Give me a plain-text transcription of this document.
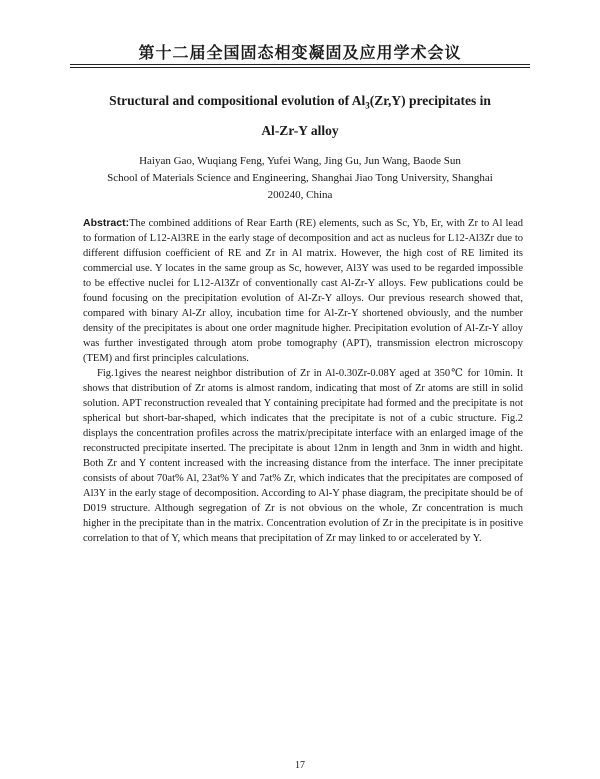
第十二届全国固态相变凝固及应用学术会议
Structural and compositional evolution of $Al_3(Zr,Y)$ precipitates in
Al-Zr-Y alloy
Haiyan Gao, Wuqiang Feng, Yufei Wang, Jing Gu, Jun Wang, Baode Sun
School of Materials Science and Engineering, Shanghai Jiao Tong University, Shanghai
200240, China

Abstract:The combined additions of Rear Earth (RE) elements, such as Sc, Yb, Er, with Zr to Al lead to formation of L12-Al3RE in the early stage of decomposition and act as nucleus for L12-Al3Zr due to different diffusion coefficient of RE and Zr in Al matrix. However, the high cost of RE limited its commercial use. Y locates in the same group as Sc, however, Al3Y was used to be regarded impossible to be effective nuclei for L12-Al3Zr of conventionally cast Al-Zr-Y alloys. Few publications could be found focusing on the precipitation evolution of Al-Zr-Y alloys. Our previous research showed that, compared with binary Al-Zr alloy, incubation time for Al-Zr-Y shortened obviously, and the number density of the precipitates is about one order magnitude higher. Precipitation evolution of Al-Zr-Y alloy was further investigated through atom probe tomography (APT), transmission electron microscopy (TEM) and first principles calculations.

Fig.1gives the nearest neighbor distribution of Zr in Al-0.30Zr-0.08Y aged at 350℃ for 10min. It shows that distribution of Zr atoms is almost random, indicating that most of Zr atoms are still in solid solution. APT reconstruction revealed that Y containing precipitate had formed and the precipitate is not spherical but short-bar-shaped, which indicates that the precipitate is not of a cubic structure. Fig.2 displays the concentration profiles across the matrix/precipitate interface with an enlarged image of the reconstructed precipitate inserted. The precipitate is about 12nm in length and 3nm in width and hight. Both Zr and Y content increased with the increasing distance from the interface. The inner precipitate consists of about 70at% Al, 23at% Y and 7at% Zr, which indicates that the precipitates are composed of Al3Y in the early stage of decomposition. According to Al-Y phase diagram, the precipitate should be of D019 structure. Although segregation of Zr is not obvious on the whole, Zr concentration is much higher in the precipitate than in the matrix. Concentration evolution of Zr in the precipitate is in positive correlation to that of Y, which means that precipitation of Zr may linked to or accelerated by Y.

17
